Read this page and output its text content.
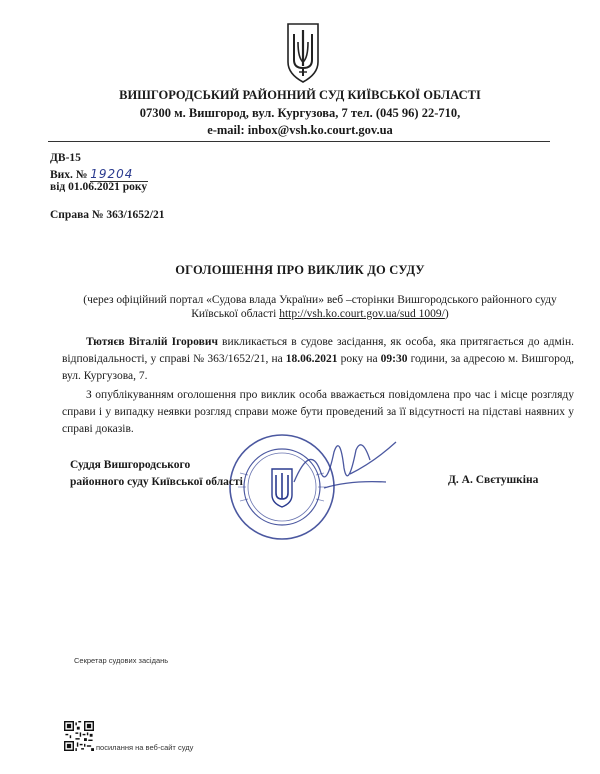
ВИШГОРОДСЬКИЙ РАЙОННИЙ СУД КИЇВСЬКОЇ ОБЛАСТІ
07300 м. Вишгород, вул. Кургузова, 7 тел. (045 96) 22-710,
e-mail: inbox@vsh.ko.court.gov.ua
ДВ-15
Вих. № 19204
від 01.06.2021 року
Справа № 363/1652/21
ОГОЛОШЕННЯ ПРО ВИКЛИК ДО СУДУ
(через офіційний портал «Судова влада України» веб –сторінки Вишгородського районного суду Київської області http://vsh.ko.court.gov.ua/sud 1009/)
Тютяєв Віталій Ігорович викликається в судове засідання, як особа, яка притягається до адмін. відповідальності, у справі № 363/1652/21, на 18.06.2021 року на 09:30 години, за адресою м. Вишгород, вул. Кургузова, 7.
З опублікуванням оголошення про виклик особа вважається повідомлена про час і місце розгляду справи і у випадку неявки розгляд справи може бути проведений за її відсутності на підставі наявних у справі доказів.
Суддя Вишгородського
районного суду Київської області	Д. А. Свєтушкіна
Секретар судових засідань
посилання на веб-сайт суду
